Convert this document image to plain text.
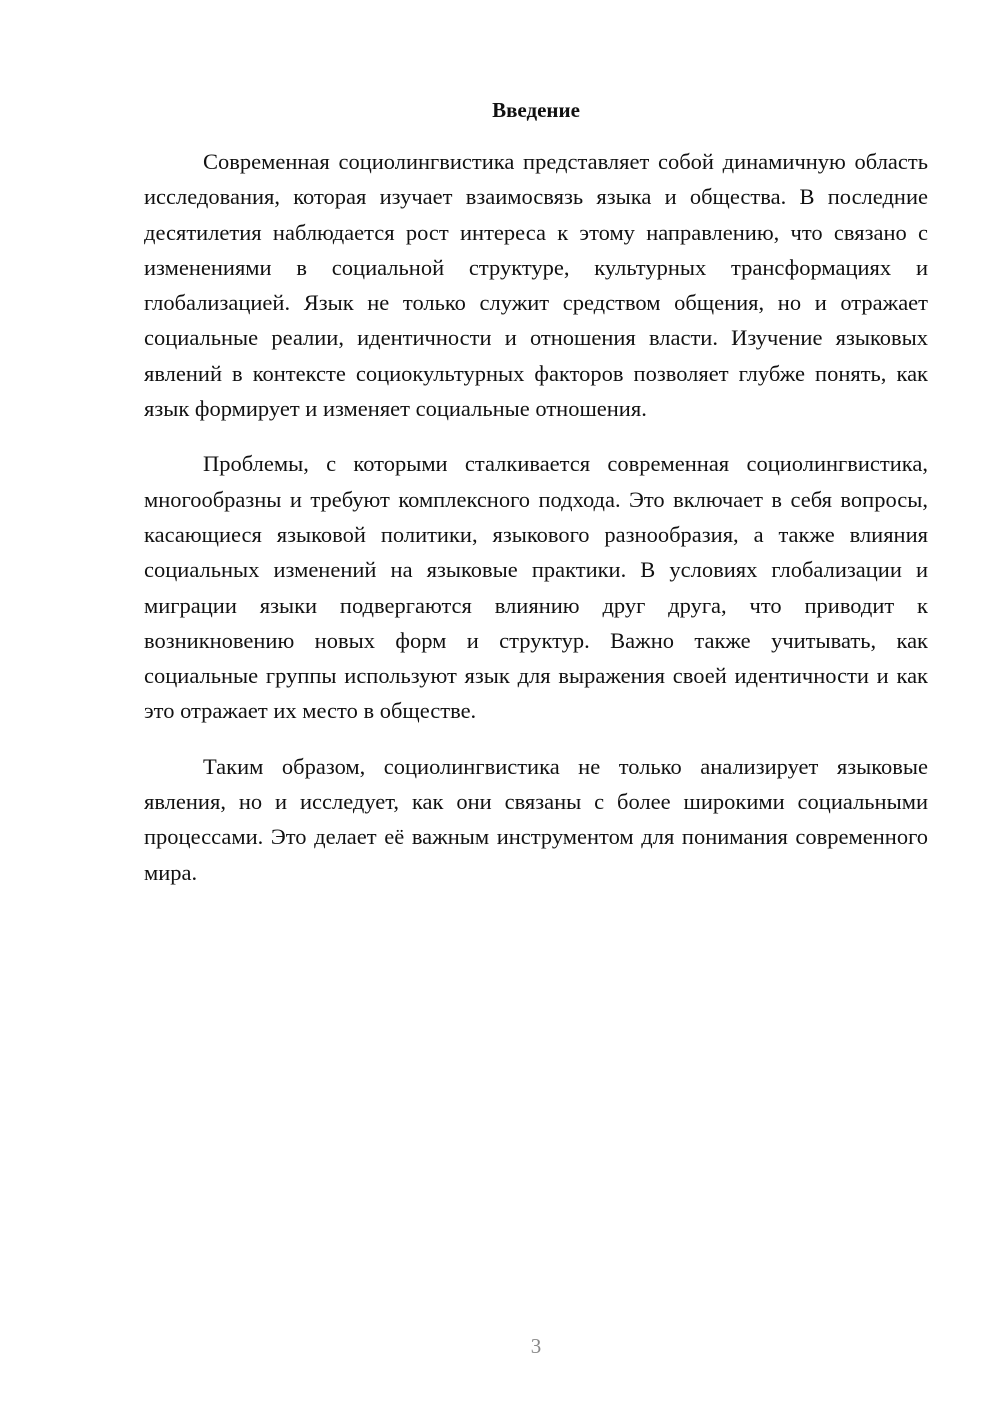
Введение

Современная социолингвистика представляет собой динамичную область исследования, которая изучает взаимосвязь языка и общества. В последние десятилетия наблюдается рост интереса к этому направлению, что связано с изменениями в социальной структуре, культурных трансформациях и глобализацией. Язык не только служит средством общения, но и отражает социальные реалии, идентичности и отношения власти. Изучение языковых явлений в контексте социокультурных факторов позволяет глубже понять, как язык формирует и изменяет социальные отношения.

Проблемы, с которыми сталкивается современная социолингвистика, многообразны и требуют комплексного подхода. Это включает в себя вопросы, касающиеся языковой политики, языкового разнообразия, а также влияния социальных изменений на языковые практики. В условиях глобализации и миграции языки подвергаются влиянию друг друга, что приводит к возникновению новых форм и структур. Важно также учитывать, как социальные группы используют язык для выражения своей идентичности и как это отражает их место в обществе.

Таким образом, социолингвистика не только анализирует языковые явления, но и исследует, как они связаны с более широкими социальными процессами. Это делает её важным инструментом для понимания современного мира.

3
